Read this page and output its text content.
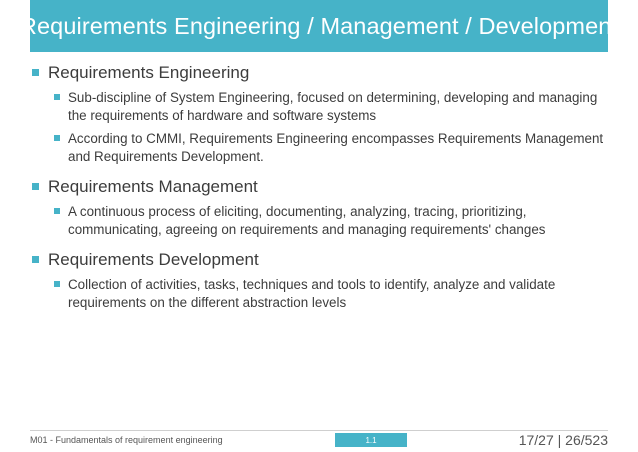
Requirements Engineering / Management / Development
Requirements Engineering
Sub-discipline of System Engineering, focused on determining, developing and managing the requirements of hardware and software systems
According to CMMI, Requirements Engineering encompasses Requirements Management and Requirements Development.
Requirements Management
A continuous process of eliciting, documenting, analyzing, tracing, prioritizing, communicating, agreeing on requirements and managing requirements' changes
Requirements Development
Collection of activities, tasks, techniques and tools to identify, analyze and validate requirements on the different abstraction levels
M01 - Fundamentals of requirement engineering	1.1	17/27 | 26/523
